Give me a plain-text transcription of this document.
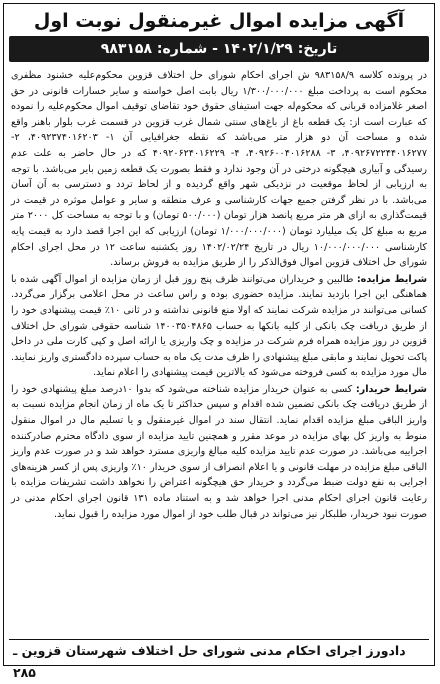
آگهی مزایده اموال غیرمنقول نوبت اول
تاریخ: ۱۴۰۲/۱/۲۹ - شماره: ۹۸۳۱۵۸

در پرونده کلاسه ۹۸۳۱۵۸/۹ ش اجرای احکام شورای حل اختلاف قزوین محکوم‌علیه خشنود مظفری محکوم است به پرداخت مبلغ ۱/۳۰۰/۰۰۰/۰۰۰ ریال بابت اصل خواسته و سایر خسارات قانونی در حق اصغر غلامزاده قربانی که محکوم‌له جهت استیفای حقوق خود تقاضای توقیف اموال محکوم‌علیه را نموده که عبارت است از: یک قطعه باغ از باغ‌های سنتی شمال غرب قزوین در قسمت غرب بلوار باهنر واقع شده و مساحت آن دو هزار متر می‌باشد که نقطه جغرافیایی آن ۱- ۴۰۹۲۳۷۴۰۱۶۲۰۳، ۲- ۴۰۹۲۶۷۲۲۴۴۰۱۶۲۷۷، ۳- ۴۰۹۲۶۰۰۴۰۱۶۲۸۸، ۴- ۴۰۹۲۰۶۲۴۰۱۶۲۲۹ که در حال حاضر به علت عدم رسیدگی و آبیاری هیچگونه درختی در آن وجود ندارد و فقط بصورت یک قطعه زمین بایر می‌باشد. با توجه به ارزیابی از لحاظ موقعیت در نزدیکی شهر واقع گردیده و از لحاظ تردد و دسترسی به آن آسان می‌باشد. با در نظر گرفتن جمیع جهات کارشناسی و عرف منطقه و سایر و عوامل موثره در قیمت در قیمت‌گذاری به ازای هر متر مربع پانصد هزار تومان (۵۰۰/۰۰۰ تومان) و با توجه به مساحت کل ۲۰۰۰ متر مربع به مبلغ کل یک میلیارد تومان (۱/۰۰۰/۰۰۰/۰۰۰ تومان) ارزیابی که این اجرا قصد دارد به قیمت پایه کارشناسی ۱۰/۰۰۰/۰۰۰/۰۰۰ ریال در تاریخ ۱۴۰۲/۰۲/۲۴ روز یکشنبه ساعت ۱۲ در محل اجرای احکام شورای حل اختلاف قزوین اموال فوق‌الذکر را از طریق مزایده به فروش برساند.

شرایط مزایده: طالبین و خریداران می‌توانند ظرف پنج روز قبل از زمان مزایده از اموال آگهی شده با هماهنگی این اجرا بازدید نمایند. مزایده حضوری بوده و راس ساعت در محل اعلامی برگزار می‌گردد. کسانی می‌توانند در مزایده شرکت نمایند که اولا منع قانونی نداشته و در ثانی ۱۰٪ قیمت پیشنهادی خود را از طریق دریافت چک بانکی از کلیه بانکها به حساب ۱۴۰۰۳۵۰۴۸۶۵ شناسه حقوقی شورای حل اختلاف قزوین در روز مزایده همراه فرم شرکت در مزایده و چک واریزی یا ارائه اصل و کپی کارت ملی در داخل پاکت تحویل نمایند و مابقی مبلغ پیشنهادی را ظرف مدت یک ماه به حساب سپرده دادگستری واریز نمایند. مال مورد مزایده به کسی فروخته می‌شود که بالاترین قیمت پیشنهادی را اعلام نماید.

شرایط خریدار: کسی به عنوان خریدار مزایده شناخته می‌شود که بدوا ۱۰درصد مبلغ پیشنهادی خود را از طریق دریافت چک بانکی تضمین شده اقدام و سپس حداکثر تا یک ماه از زمان انجام مزایده نسبت به واریز الباقی مبلغ مزایده اقدام نماید. انتقال سند در اموال غیرمنقول و یا تسلیم مال در اموال منقول منوط به واریز کل بهای مزایده در موعد مقرر و همچنین تایید مزایده از سوی دادگاه محترم صادرکننده اجراییه می‌باشد. در صورت عدم تایید مزایده کلیه مبالغ واریزی مسترد خواهد شد و در صورت عدم واریز الباقی مبلغ مزایده در مهلت قانونی و یا اعلام انصراف از سوی خریدار ۱۰٪ واریزی پس از کسر هزینه‌های اجرایی به نفع دولت ضبط می‌گردد و خریدار حق هیچگونه اعتراض را نخواهد داشت تشریفات مزایده با رعایت قانون اجرای احکام مدنی اجرا خواهد شد و به استناد ماده ۱۳۱ قانون اجرای احکام مدنی در صورت نبود خریدار، طلبکار نیز می‌تواند در قبال طلب خود از اموال مورد مزایده را قبول نماید.

دادورز اجرای احکام مدنی شورای حل اختلاف شهرستان قزوین ـ ۲۸۵
